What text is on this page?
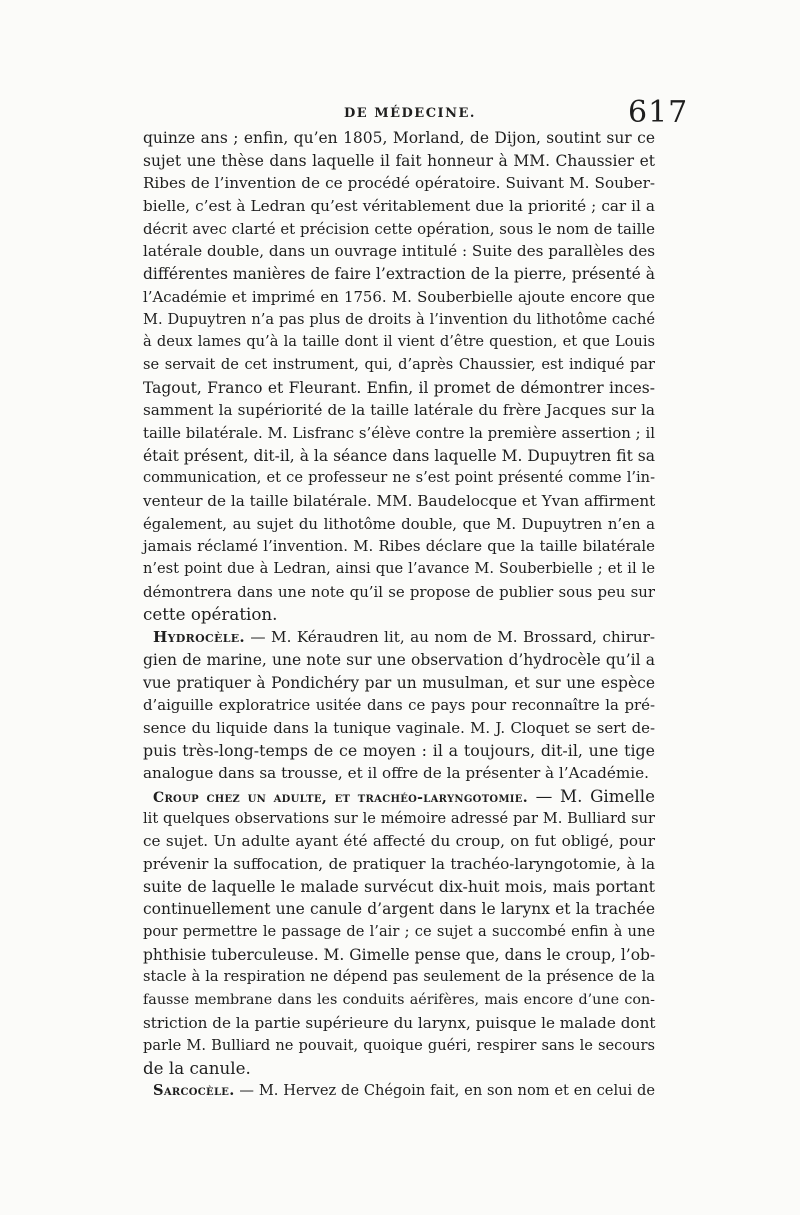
DE MÉDECINE.	617
quinze ans ; enfin, qu’en 1805, Morland, de Dijon, soutint sur ce
sujet une thèse dans laquelle il fait honneur à MM. Chaussier et
Ribes de l’invention de ce procédé opératoire. Suivant M. Souber-
bielle, c’est à Ledran qu’est véritablement due la priorité ; car il a
décrit avec clarté et précision cette opération, sous le nom de taille
latérale double, dans un ouvrage intitulé : Suite des parallèles des
différentes manières de faire l’extraction de la pierre, présenté à
l’Académie et imprimé en 1756. M. Souberbielle ajoute encore que
M. Dupuytren n’a pas plus de droits à l’invention du lithotôme caché
à deux lames qu’à la taille dont il vient d’être question, et que Louis
se servait de cet instrument, qui, d’après Chaussier, est indiqué par
Tagout, Franco et Fleurant. Enfin, il promet de démontrer inces-
samment la supériorité de la taille latérale du frère Jacques sur la
taille bilatérale. M. Lisfranc s’élève contre la première assertion ; il
était présent, dit-il, à la séance dans laquelle M. Dupuytren fit sa
communication, et ce professeur ne s’est point présenté comme l’in-
venteur de la taille bilatérale. MM. Baudelocque et Yvan affirment
également, au sujet du lithotôme double, que M. Dupuytren n’en a
jamais réclamé l’invention. M. Ribes déclare que la taille bilatérale
n’est point due à Ledran, ainsi que l’avance M. Souberbielle ; et il le
démontrera dans une note qu’il se propose de publier sous peu sur
cette opération.
Hydrocèle. — M. Kéraudren lit, au nom de M. Brossard, chirur-
gien de marine, une note sur une observation d’hydrocèle qu’il a
vue pratiquer à Pondichéry par un musulman, et sur une espèce
d’aiguille exploratrice usitée dans ce pays pour reconnaître la pré-
sence du liquide dans la tunique vaginale. M. J. Cloquet se sert de-
puis très-long-temps de ce moyen : il a toujours, dit-il, une tige
analogue dans sa trousse, et il offre de la présenter à l’Académie.
Croup chez un adulte, et trachéo-laryngotomie. — M. Gimelle
lit quelques observations sur le mémoire adressé par M. Bulliard sur
ce sujet. Un adulte ayant été affecté du croup, on fut obligé, pour
prévenir la suffocation, de pratiquer la trachéo-laryngotomie, à la
suite de laquelle le malade survécut dix-huit mois, mais portant
continuellement une canule d’argent dans le larynx et la trachée
pour permettre le passage de l’air ; ce sujet a succombé enfin à une
phthisie tuberculeuse. M. Gimelle pense que, dans le croup, l’ob-
stacle à la respiration ne dépend pas seulement de la présence de la
fausse membrane dans les conduits aérifères, mais encore d’une con-
striction de la partie supérieure du larynx, puisque le malade dont
parle M. Bulliard ne pouvait, quoique guéri, respirer sans le secours
de la canule.
Sarcocèle. — M. Hervez de Chégoin fait, en son nom et en celui de
